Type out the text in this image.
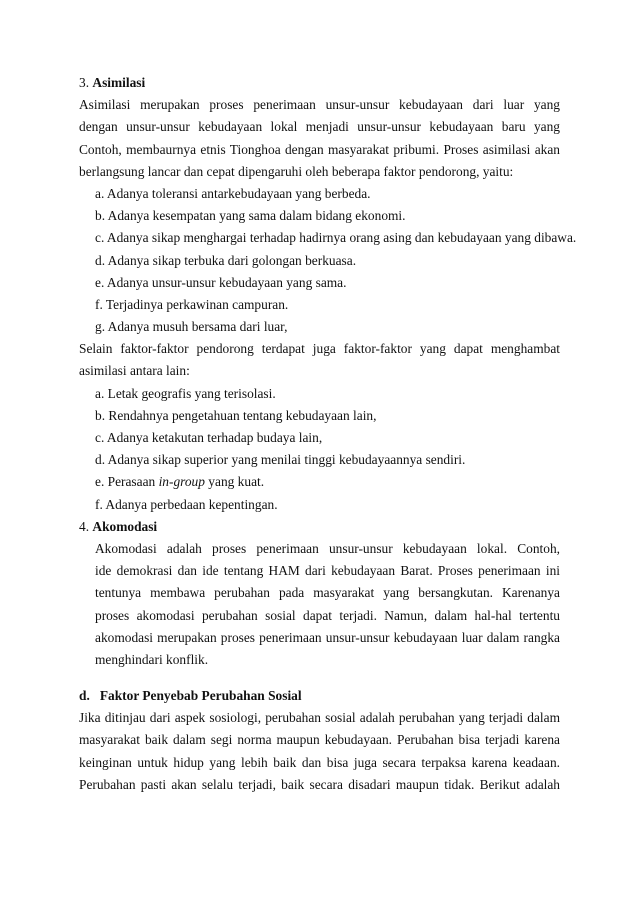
3. Asimilasi
Asimilasi merupakan proses penerimaan unsur-unsur kebudayaan dari luar yang
dengan unsur-unsur kebudayaan lokal menjadi unsur-unsur kebudayaan baru yang
Contoh, membaurnya etnis Tionghoa dengan masyarakat pribumi. Proses asimilasi akan
berlangsung lancar dan cepat dipengaruhi oleh beberapa faktor pendorong, yaitu:
a. Adanya toleransi antarkebudayaan yang berbeda.
b. Adanya kesempatan yang sama dalam bidang ekonomi.
c. Adanya sikap menghargai terhadap hadirnya orang asing dan kebudayaan yang dibawa.
d. Adanya sikap terbuka dari golongan berkuasa.
e. Adanya unsur-unsur kebudayaan yang sama.
f. Terjadinya perkawinan campuran.
g. Adanya musuh bersama dari luar,
Selain faktor-faktor pendorong terdapat juga faktor-faktor yang dapat menghambat
asimilasi antara lain:
a. Letak geografis yang terisolasi.
b. Rendahnya pengetahuan tentang kebudayaan lain,
c. Adanya ketakutan terhadap budaya lain,
d. Adanya sikap superior yang menilai tinggi kebudayaannya sendiri.
e. Perasaan in-group yang kuat.
f. Adanya perbedaan kepentingan.
4. Akomodasi
Akomodasi adalah proses penerimaan unsur-unsur kebudayaan lokal. Contoh,
ide demokrasi dan ide tentang HAM dari kebudayaan Barat. Proses penerimaan ini
tentunya membawa perubahan pada masyarakat yang bersangkutan. Karenanya
proses akomodasi perubahan sosial dapat terjadi. Namun, dalam hal-hal tertentu
akomodasi merupakan proses penerimaan unsur-unsur kebudayaan luar dalam rangka
menghindari konflik.
d.   Faktor Penyebab Perubahan Sosial
Jika ditinjau dari aspek sosiologi, perubahan sosial adalah perubahan yang terjadi dalam
masyarakat baik dalam segi norma maupun kebudayaan. Perubahan bisa terjadi karena
keinginan untuk hidup yang lebih baik dan bisa juga secara terpaksa karena keadaan.
Perubahan pasti akan selalu terjadi, baik secara disadari maupun tidak. Berikut adalah
